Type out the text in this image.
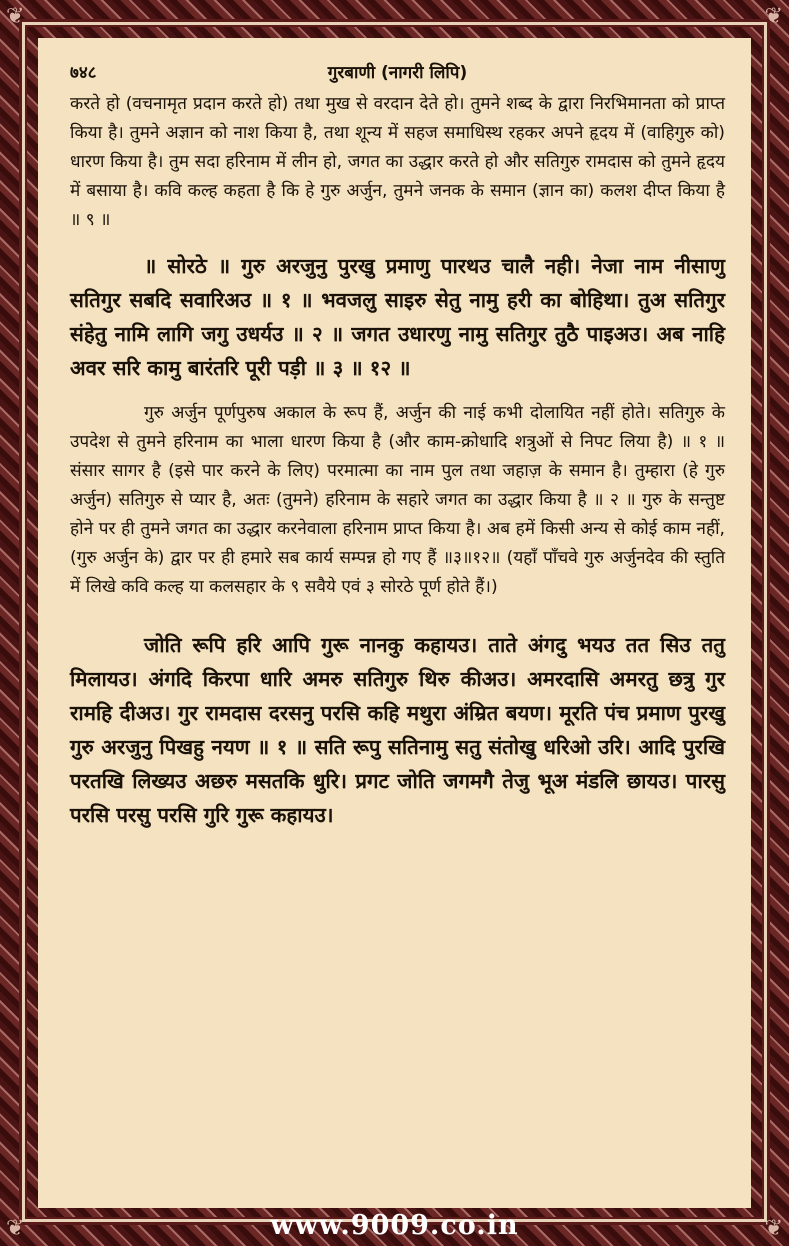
❦	❦
❦	❦
७४८	गुरबाणी (नागरी लिपि)

करते हो (वचनामृत प्रदान करते हो) तथा मुख से वरदान देते हो। तुमने शब्द के द्वारा निरभिमानता को प्राप्त किया है। तुमने अज्ञान को नाश किया है, तथा शून्य में सहज समाधिस्थ रहकर अपने हृदय में (वाहिगुरु को) धारण किया है। तुम सदा हरिनाम में लीन हो, जगत का उद्धार करते हो और सतिगुरु रामदास को तुमने हृदय में बसाया है। कवि कल्ह कहता है कि हे गुरु अर्जुन, तुमने जनक के समान (ज्ञान का) कलश दीप्त किया है ॥ ९ ॥

॥ सोरठे ॥ गुरु अरजुनु पुरखु प्रमाणु पारथउ चालै नही। नेजा नाम नीसाणु सतिगुर सबदि सवारिअउ ॥ १ ॥ भवजलु साइरु सेतु नामु हरी का बोहिथा। तुअ सतिगुर संहेतु नामि लागि जगु उधर्यउ ॥ २ ॥ जगत उधारणु नामु सतिगुर तुठै पाइअउ। अब नाहि अवर सरि कामु बारंतरि पूरी पड़ी ॥ ३ ॥ १२ ॥

गुरु अर्जुन पूर्णपुरुष अकाल के रूप हैं, अर्जुन की नाई कभी दोलायित नहीं होते। सतिगुरु के उपदेश से तुमने हरिनाम का भाला धारण किया है (और काम-क्रोधादि शत्रुओं से निपट लिया है) ॥ १ ॥ संसार सागर है (इसे पार करने के लिए) परमात्मा का नाम पुल तथा जहाज़ के समान है। तुम्हारा (हे गुरु अर्जुन) सतिगुरु से प्यार है, अतः (तुमने) हरिनाम के सहारे जगत का उद्धार किया है ॥ २ ॥ गुरु के सन्तुष्ट होने पर ही तुमने जगत का उद्धार करनेवाला हरिनाम प्राप्त किया है। अब हमें किसी अन्य से कोई काम नहीं, (गुरु अर्जुन के) द्वार पर ही हमारे सब कार्य सम्पन्न हो गए हैं ॥३॥१२॥ (यहाँ पाँचवे गुरु अर्जुनदेव की स्तुति में लिखे कवि कल्ह या कलसहार के ९ सवैये एवं ३ सोरठे पूर्ण होते हैं।)

जोति रूपि हरि आपि गुरू नानकु कहायउ। ताते अंगदु भयउ तत सिउ ततु मिलायउ। अंगदि किरपा धारि अमरु सतिगुरु थिरु कीअउ। अमरदासि अमरतु छत्रु गुर रामहि दीअउ। गुर रामदास दरसनु परसि कहि मथुरा अंम्रित बयण। मूरति पंच प्रमाण पुरखु गुरु अरजुनु पिखहु नयण ॥ १ ॥ सति रूपु सतिनामु सतु संतोखु धरिओ उरि। आदि पुरखि परतखि लिख्यउ अछरु मसतकि धुरि। प्रगट जोति जगमगै तेजु भूअ मंडलि छायउ। पारसु परसि परसु परसि गुरि गुरू कहायउ।

www.9009.co.in
